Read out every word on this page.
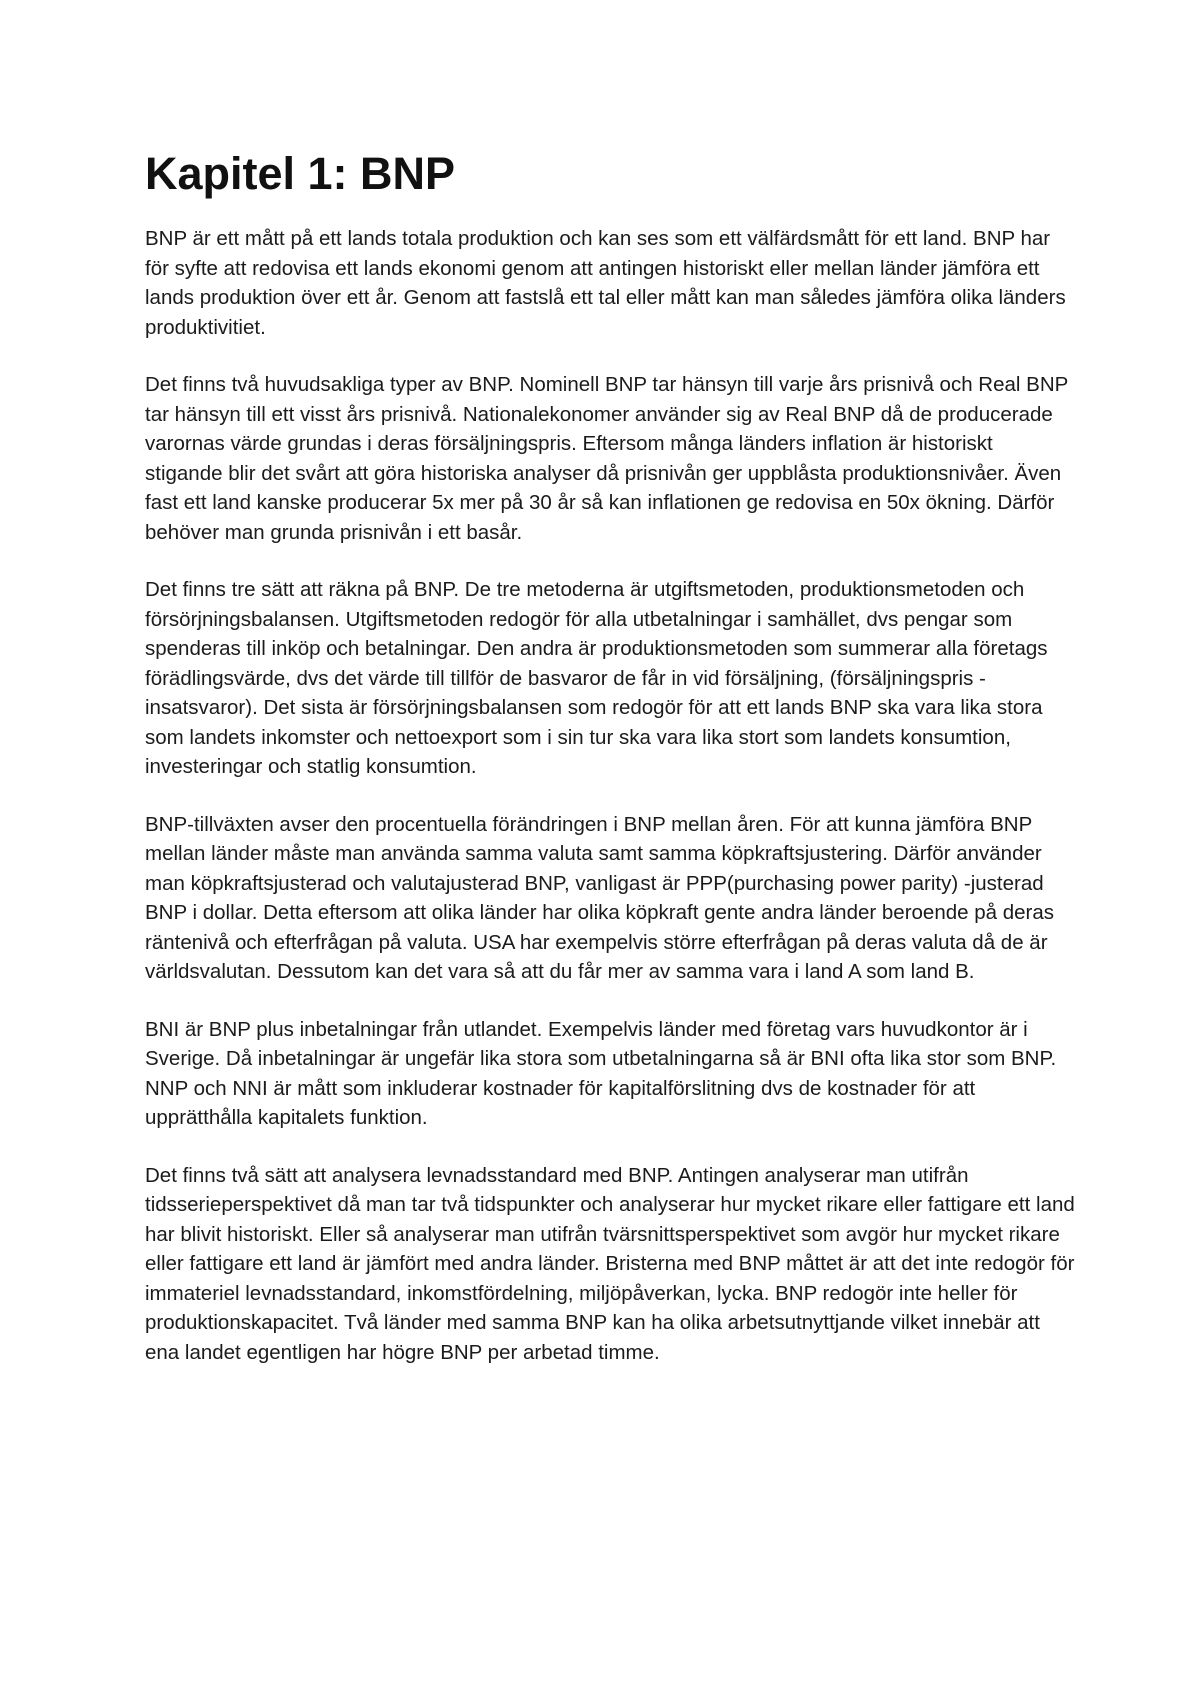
Kapitel 1: BNP

BNP är ett mått på ett lands totala produktion och kan ses som ett välfärdsmått för ett land. BNP har för syfte att redovisa ett lands ekonomi genom att antingen historiskt eller mellan länder jämföra ett lands produktion över ett år. Genom att fastslå ett tal eller mått kan man således jämföra olika länders produktivitiet.

Det finns två huvudsakliga typer av BNP. Nominell BNP tar hänsyn till varje års prisnivå och Real BNP tar hänsyn till ett visst års prisnivå. Nationalekonomer använder sig av Real BNP då de producerade varornas värde grundas i deras försäljningspris. Eftersom många länders inflation är historiskt stigande blir det svårt att göra historiska analyser då prisnivån ger uppblåsta produktionsnivåer. Även fast ett land kanske producerar 5x mer på 30 år så kan inflationen ge redovisa en 50x ökning. Därför behöver man grunda prisnivån i ett basår.

Det finns tre sätt att räkna på BNP. De tre metoderna är utgiftsmetoden, produktionsmetoden och försörjningsbalansen. Utgiftsmetoden redogör för alla utbetalningar i samhället, dvs pengar som spenderas till inköp och betalningar. Den andra är produktionsmetoden som summerar alla företags förädlingsvärde, dvs det värde till tillför de basvaror de får in vid försäljning, (försäljningspris - insatsvaror). Det sista är försörjningsbalansen som redogör för att ett lands BNP ska vara lika stora som landets inkomster och nettoexport som i sin tur ska vara lika stort som landets konsumtion, investeringar och statlig konsumtion.

BNP-tillväxten avser den procentuella förändringen i BNP mellan åren. För att kunna jämföra BNP mellan länder måste man använda samma valuta samt samma köpkraftsjustering. Därför använder man köpkraftsjusterad och valutajusterad BNP, vanligast är PPP(purchasing power parity) -justerad BNP i dollar. Detta eftersom att olika länder har olika köpkraft gente andra länder beroende på deras räntenivå och efterfrågan på valuta. USA har exempelvis större efterfrågan på deras valuta då de är världsvalutan. Dessutom kan det vara så att du får mer av samma vara i land A som land B.

BNI är BNP plus inbetalningar från utlandet. Exempelvis länder med företag vars huvudkontor är i Sverige. Då inbetalningar är ungefär lika stora som utbetalningarna så är BNI ofta lika stor som BNP. NNP och NNI är mått som inkluderar kostnader för kapitalförslitning dvs de kostnader för att upprätthålla kapitalets funktion.

Det finns två sätt att analysera levnadsstandard med BNP. Antingen analyserar man utifrån tidsserieperspektivet då man tar två tidspunkter och analyserar hur mycket rikare eller fattigare ett land har blivit historiskt. Eller så analyserar man utifrån tvärsnittsperspektivet som avgör hur mycket rikare eller fattigare ett land är jämfört med andra länder. Bristerna med BNP måttet är att det inte redogör för immateriel levnadsstandard, inkomstfördelning, miljöpåverkan, lycka. BNP redogör inte heller för produktionskapacitet. Två länder med samma BNP kan ha olika arbetsutnyttjande vilket innebär att ena landet egentligen har högre BNP per arbetad timme.
